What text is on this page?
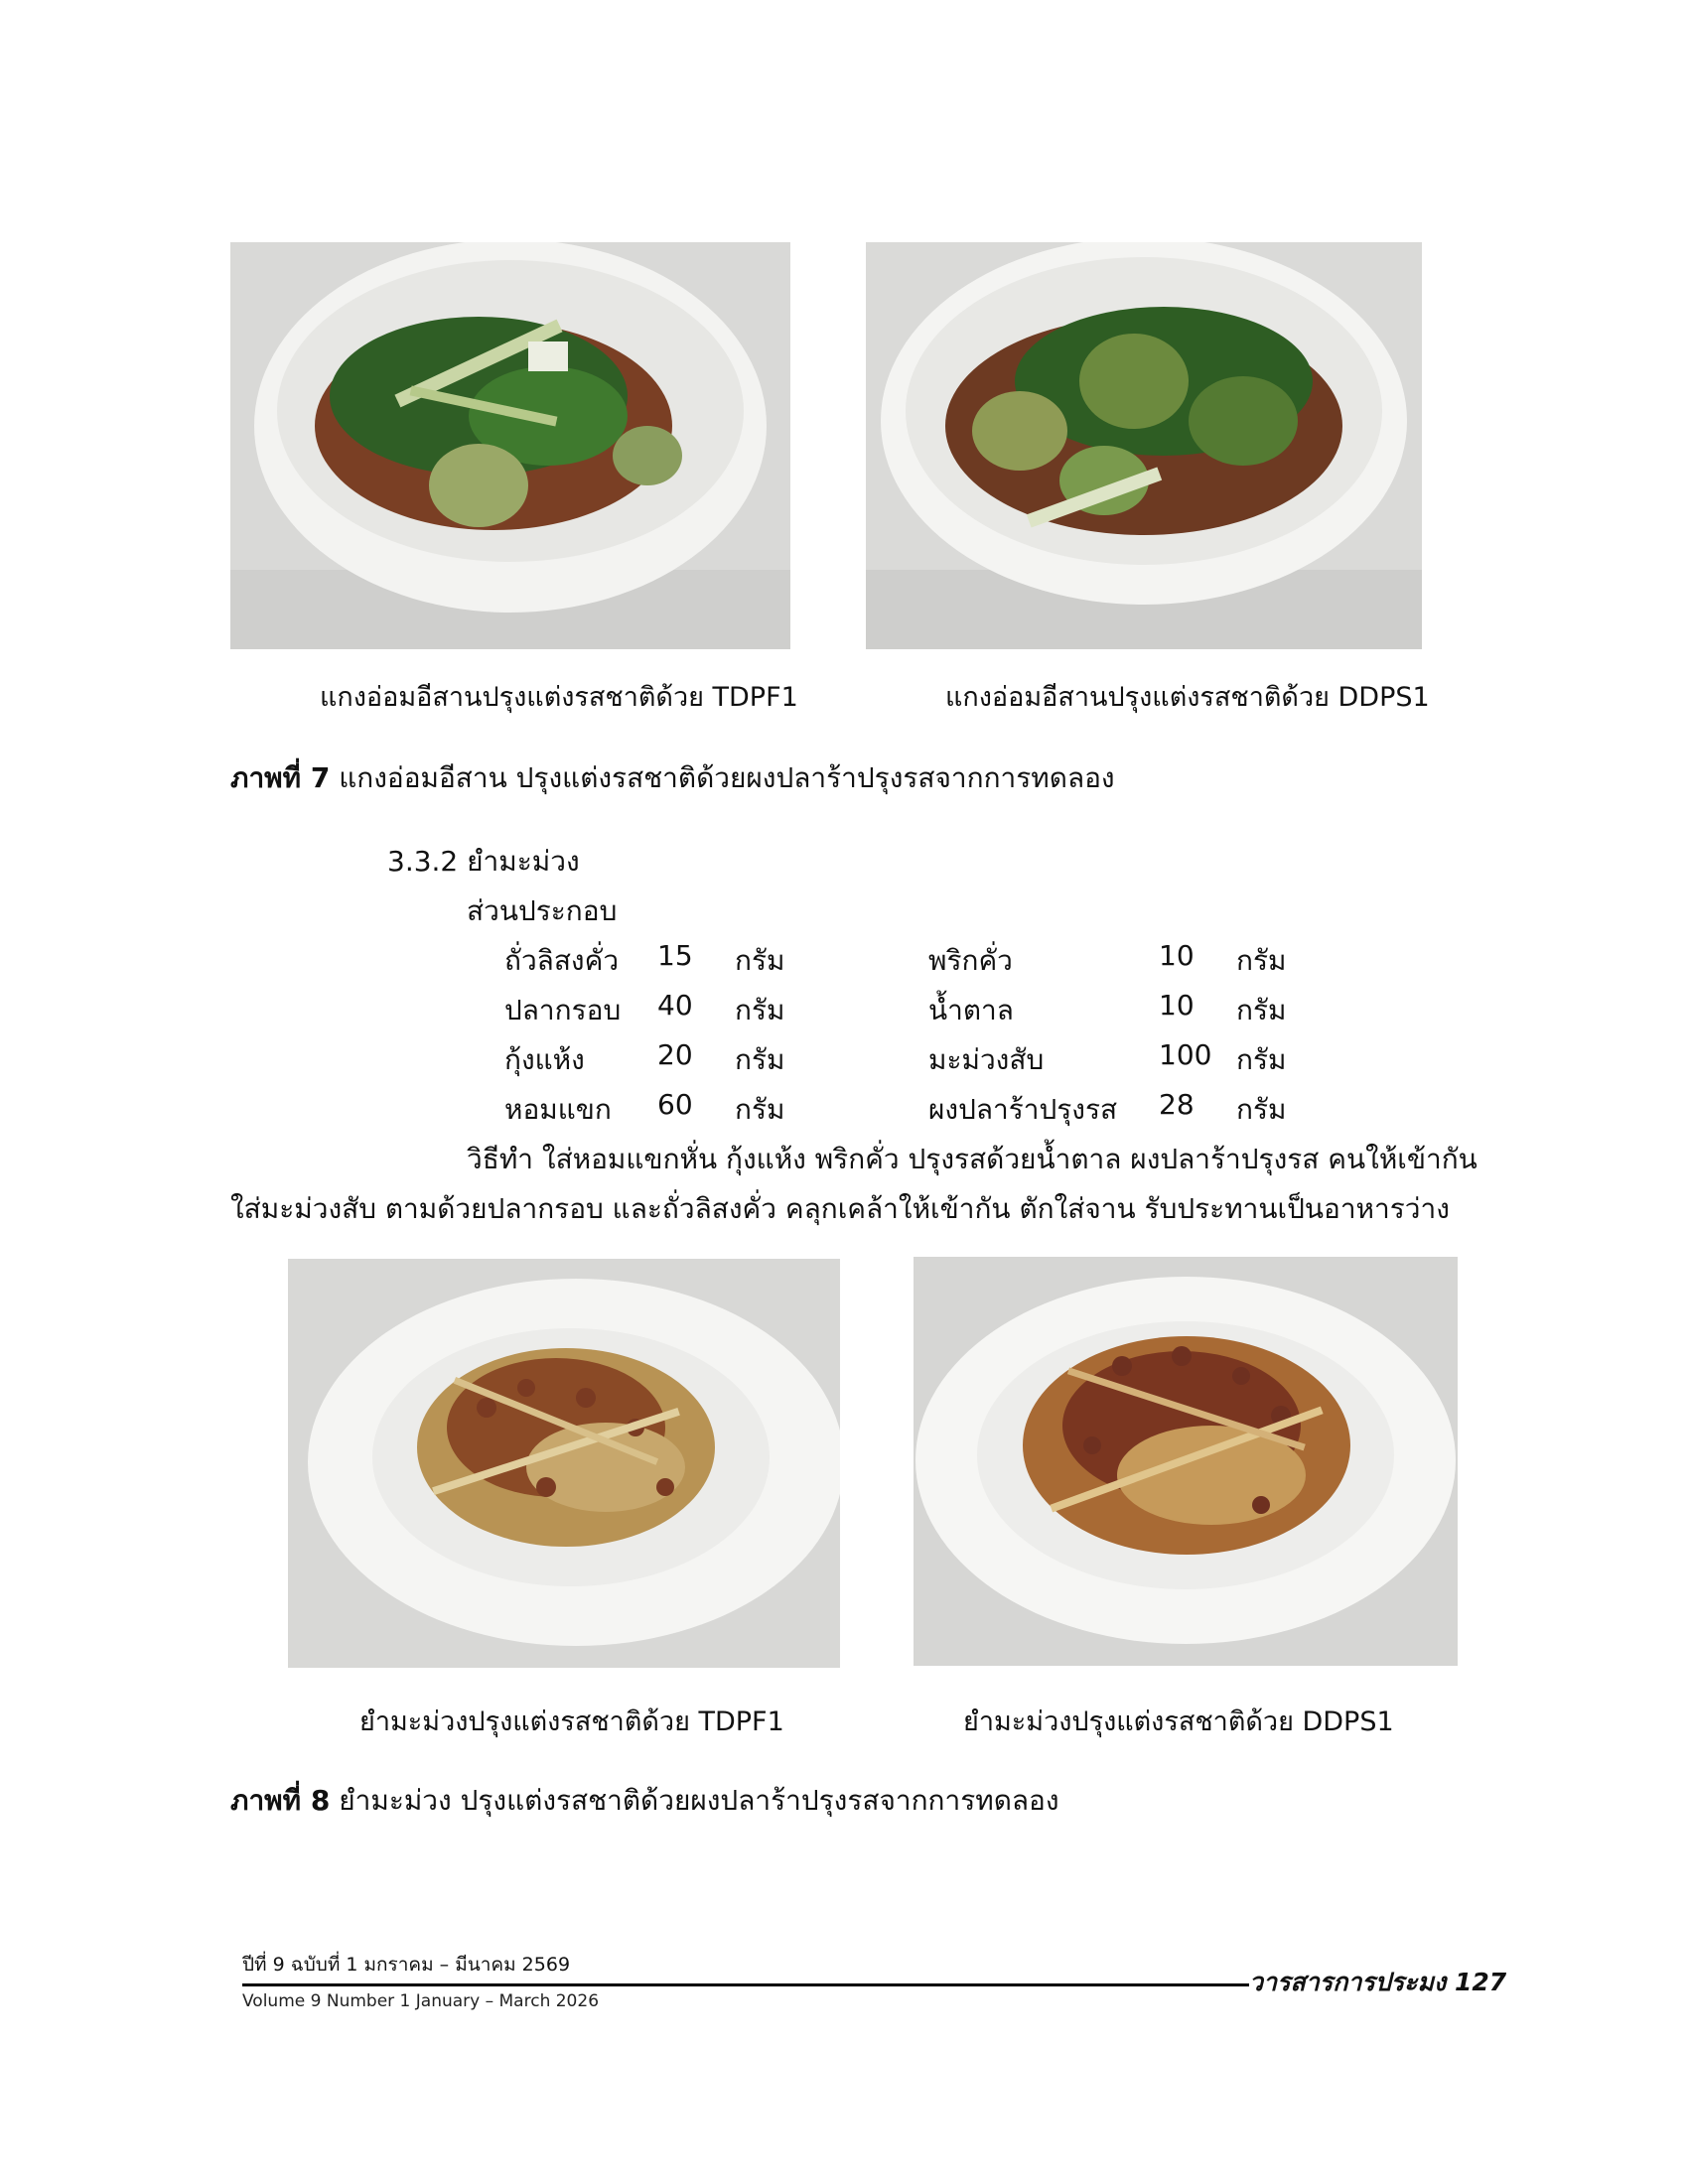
แกงอ่อมอีสานปรุงแต่งรสชาติด้วย TDPF1	แกงอ่อมอีสานปรุงแต่งรสชาติด้วย DDPS1
ภาพที่ 7 แกงอ่อมอีสาน ปรุงแต่งรสชาติด้วยผงปลาร้าปรุงรสจากการทดลอง
3.3.2 ยำมะม่วง
ส่วนประกอบ
ถั่วลิสงคั่ว 15 กรัม	พริกคั่ว	10 กรัม
ปลากรอบ 40 กรัม	น้ำตาล	10 กรัม
กุ้งแห้ง	20 กรัม	มะม่วงสับ	100 กรัม
หอมแขก 60 กรัม	ผงปลาร้าปรุงรส 28 กรัม
วิธีทำ ใส่หอมแขกหั่น กุ้งแห้ง พริกคั่ว ปรุงรสด้วยน้ำตาล ผงปลาร้าปรุงรส คนให้เข้ากัน
ใส่มะม่วงสับ ตามด้วยปลากรอบ และถั่วลิสงคั่ว คลุกเคล้าให้เข้ากัน ตักใส่จาน รับประทานเป็นอาหารว่าง
ยำมะม่วงปรุงแต่งรสชาติด้วย TDPF1	ยำมะม่วงปรุงแต่งรสชาติด้วย DDPS1
ภาพที่ 8 ยำมะม่วง ปรุงแต่งรสชาติด้วยผงปลาร้าปรุงรสจากการทดลอง
ปีที่ 9 ฉบับที่ 1 มกราคม – มีนาคม 2569
Volume 9 Number 1 January – March 2026
วารสารการประมง 127
